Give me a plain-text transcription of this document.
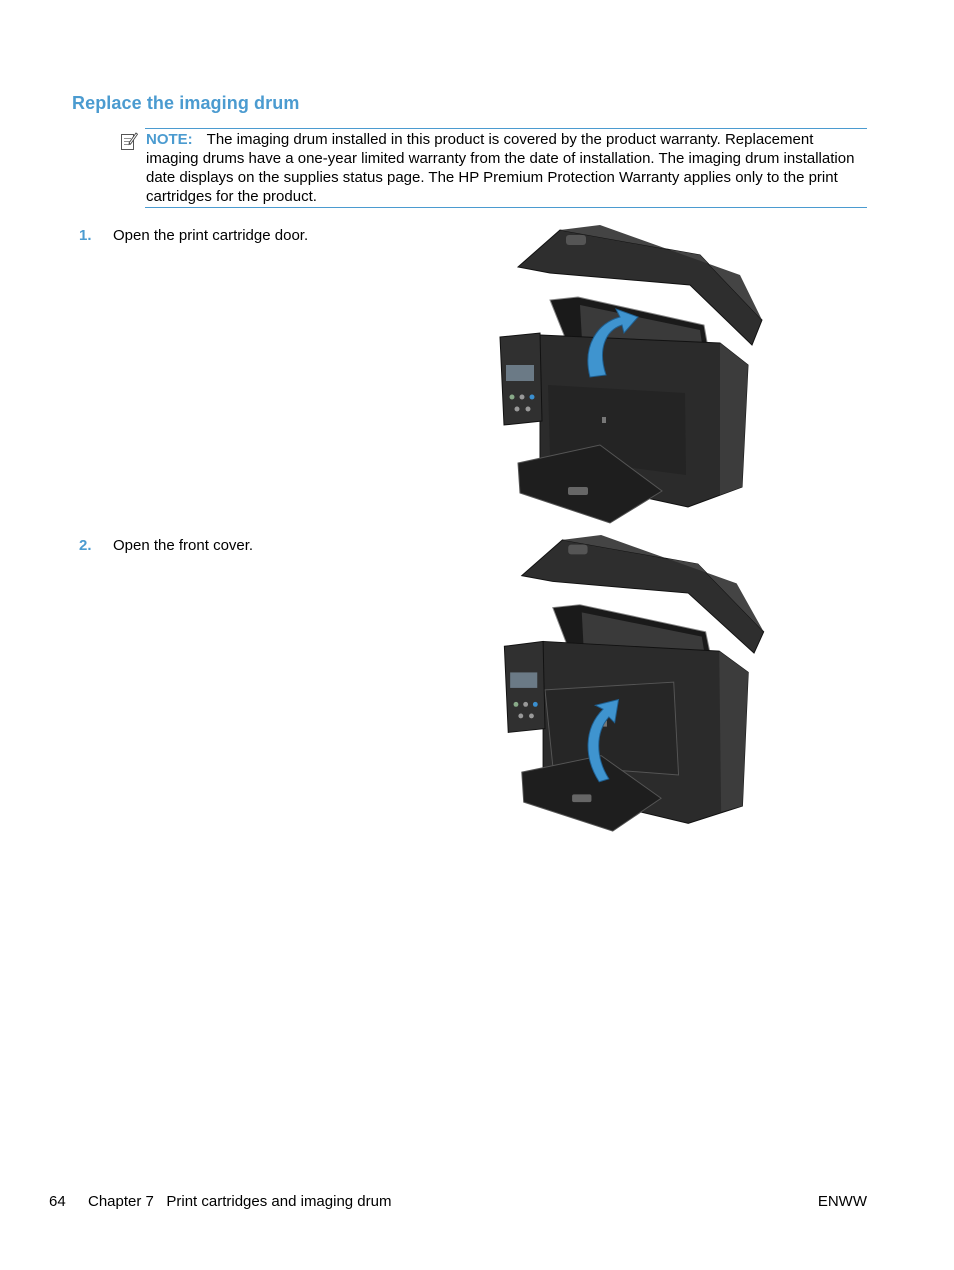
Replace the imaging drum

NOTE: The imaging drum installed in this product is covered by the product warranty. Replacement imaging drums have a one-year limited warranty from the date of installation. The imaging drum installation date displays on the supplies status page. The HP Premium Protection Warranty applies only to the print cartridges for the product.

1. Open the print cartridge door.
2. Open the front cover.
64 Chapter 7   Print cartridges and imaging drum	ENWW
